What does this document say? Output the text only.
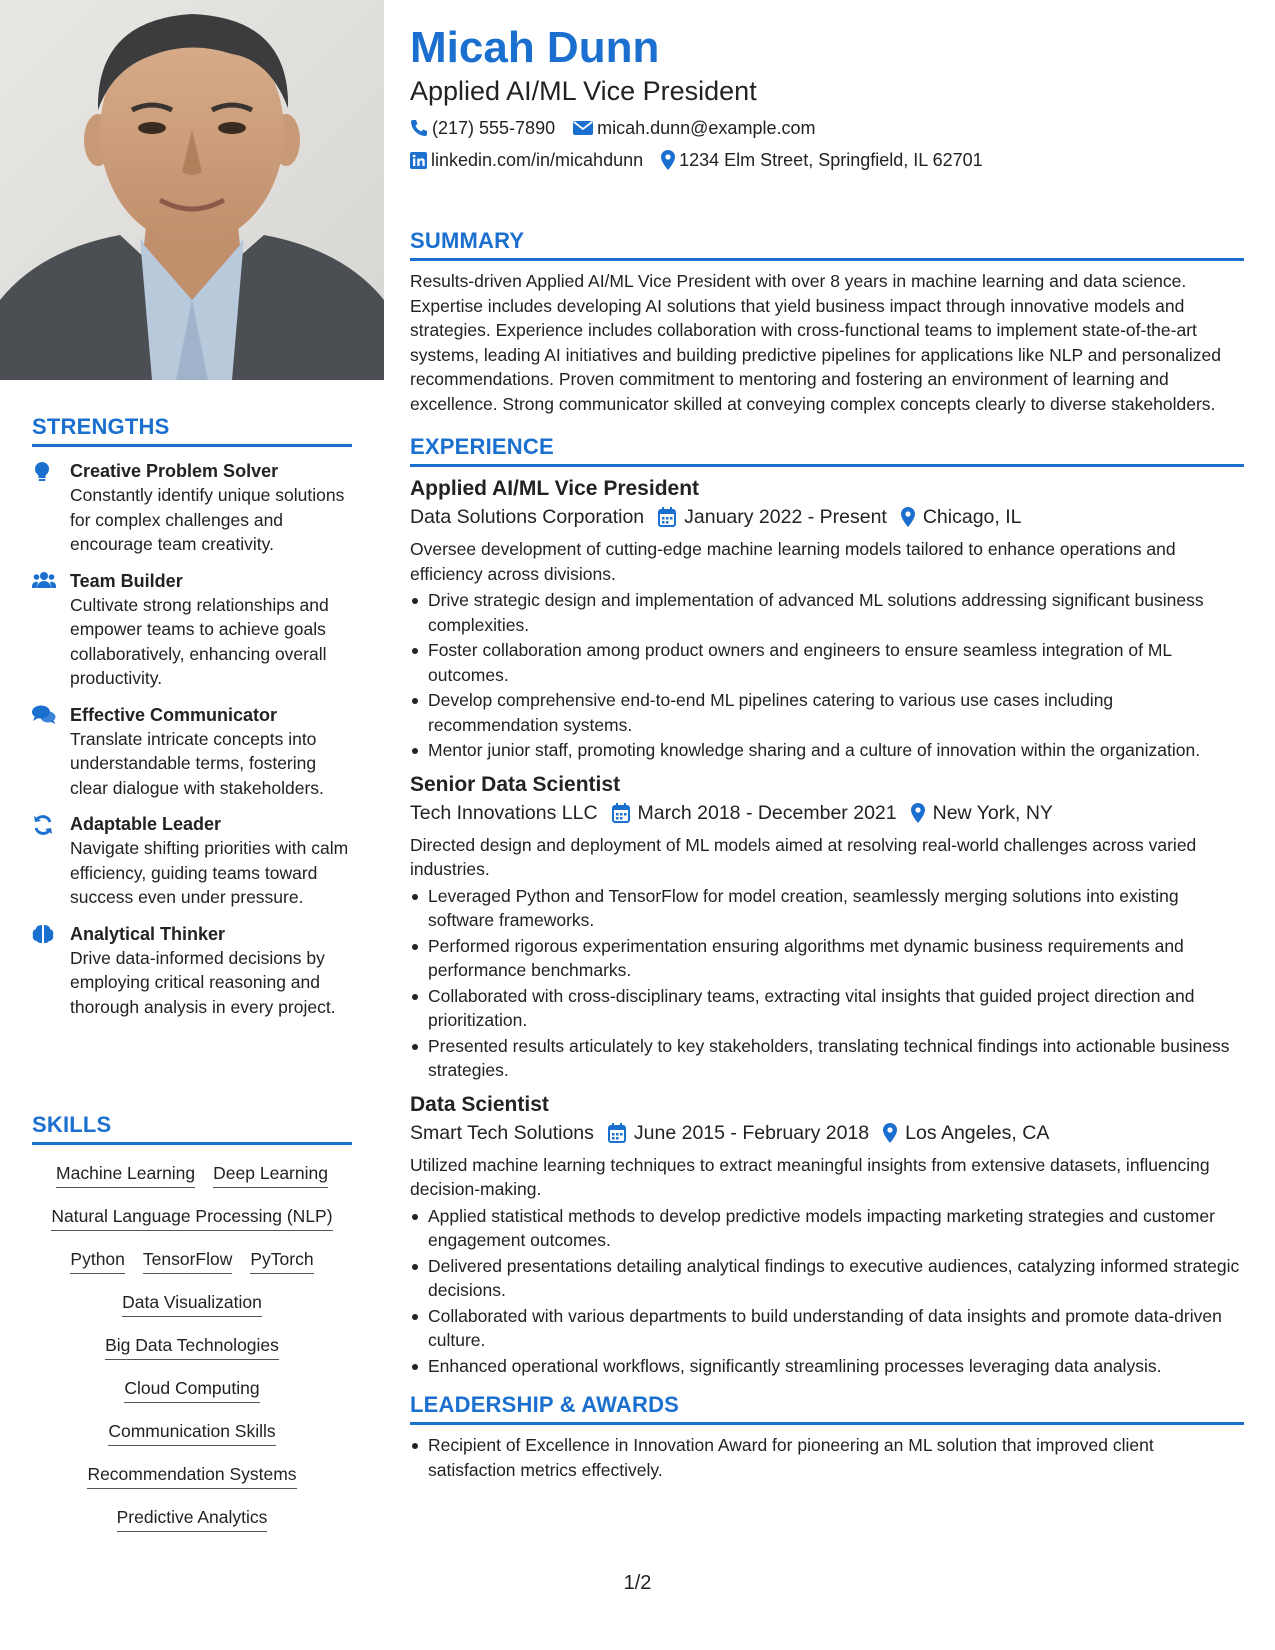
STRENGTHS
Creative Problem Solver
Constantly identify unique solutions for complex challenges and encourage team creativity.
Team Builder
Cultivate strong relationships and empower teams to achieve goals collaboratively, enhancing overall productivity.
Effective Communicator
Translate intricate concepts into understandable terms, fostering clear dialogue with stakeholders.
Adaptable Leader
Navigate shifting priorities with calm efficiency, guiding teams toward success even under pressure.
Analytical Thinker
Drive data-informed decisions by employing critical reasoning and thorough analysis in every project.
SKILLS
Machine Learning Deep Learning
Natural Language Processing (NLP)
Python TensorFlow PyTorch
Data Visualization
Big Data Technologies
Cloud Computing
Communication Skills
Recommendation Systems
Predictive Analytics
Micah Dunn
Applied AI/ML Vice President
(217) 555-7890 micah.dunn@example.com
linkedin.com/in/micahdunn 1234 Elm Street, Springfield, IL 62701
SUMMARY
Results-driven Applied AI/ML Vice President with over 8 years in machine learning and data science. Expertise includes developing AI solutions that yield business impact through innovative models and strategies. Experience includes collaboration with cross-functional teams to implement state-of-the-art systems, leading AI initiatives and building predictive pipelines for applications like NLP and personalized recommendations. Proven commitment to mentoring and fostering an environment of learning and excellence. Strong communicator skilled at conveying complex concepts clearly to diverse stakeholders.
EXPERIENCE
Applied AI/ML Vice President
Data Solutions Corporation January 2022 - Present Chicago, IL
Oversee development of cutting-edge machine learning models tailored to enhance operations and efficiency across divisions.
Drive strategic design and implementation of advanced ML solutions addressing significant business complexities.
Foster collaboration among product owners and engineers to ensure seamless integration of ML outcomes.
Develop comprehensive end-to-end ML pipelines catering to various use cases including recommendation systems.
Mentor junior staff, promoting knowledge sharing and a culture of innovation within the organization.
Senior Data Scientist
Tech Innovations LLC March 2018 - December 2021 New York, NY
Directed design and deployment of ML models aimed at resolving real-world challenges across varied industries.
Leveraged Python and TensorFlow for model creation, seamlessly merging solutions into existing software frameworks.
Performed rigorous experimentation ensuring algorithms met dynamic business requirements and performance benchmarks.
Collaborated with cross-disciplinary teams, extracting vital insights that guided project direction and prioritization.
Presented results articulately to key stakeholders, translating technical findings into actionable business strategies.
Data Scientist
Smart Tech Solutions June 2015 - February 2018 Los Angeles, CA
Utilized machine learning techniques to extract meaningful insights from extensive datasets, influencing decision-making.
Applied statistical methods to develop predictive models impacting marketing strategies and customer engagement outcomes.
Delivered presentations detailing analytical findings to executive audiences, catalyzing informed strategic decisions.
Collaborated with various departments to build understanding of data insights and promote data-driven culture.
Enhanced operational workflows, significantly streamlining processes leveraging data analysis.
LEADERSHIP & AWARDS
Recipient of Excellence in Innovation Award for pioneering an ML solution that improved client satisfaction metrics effectively.
1/2
